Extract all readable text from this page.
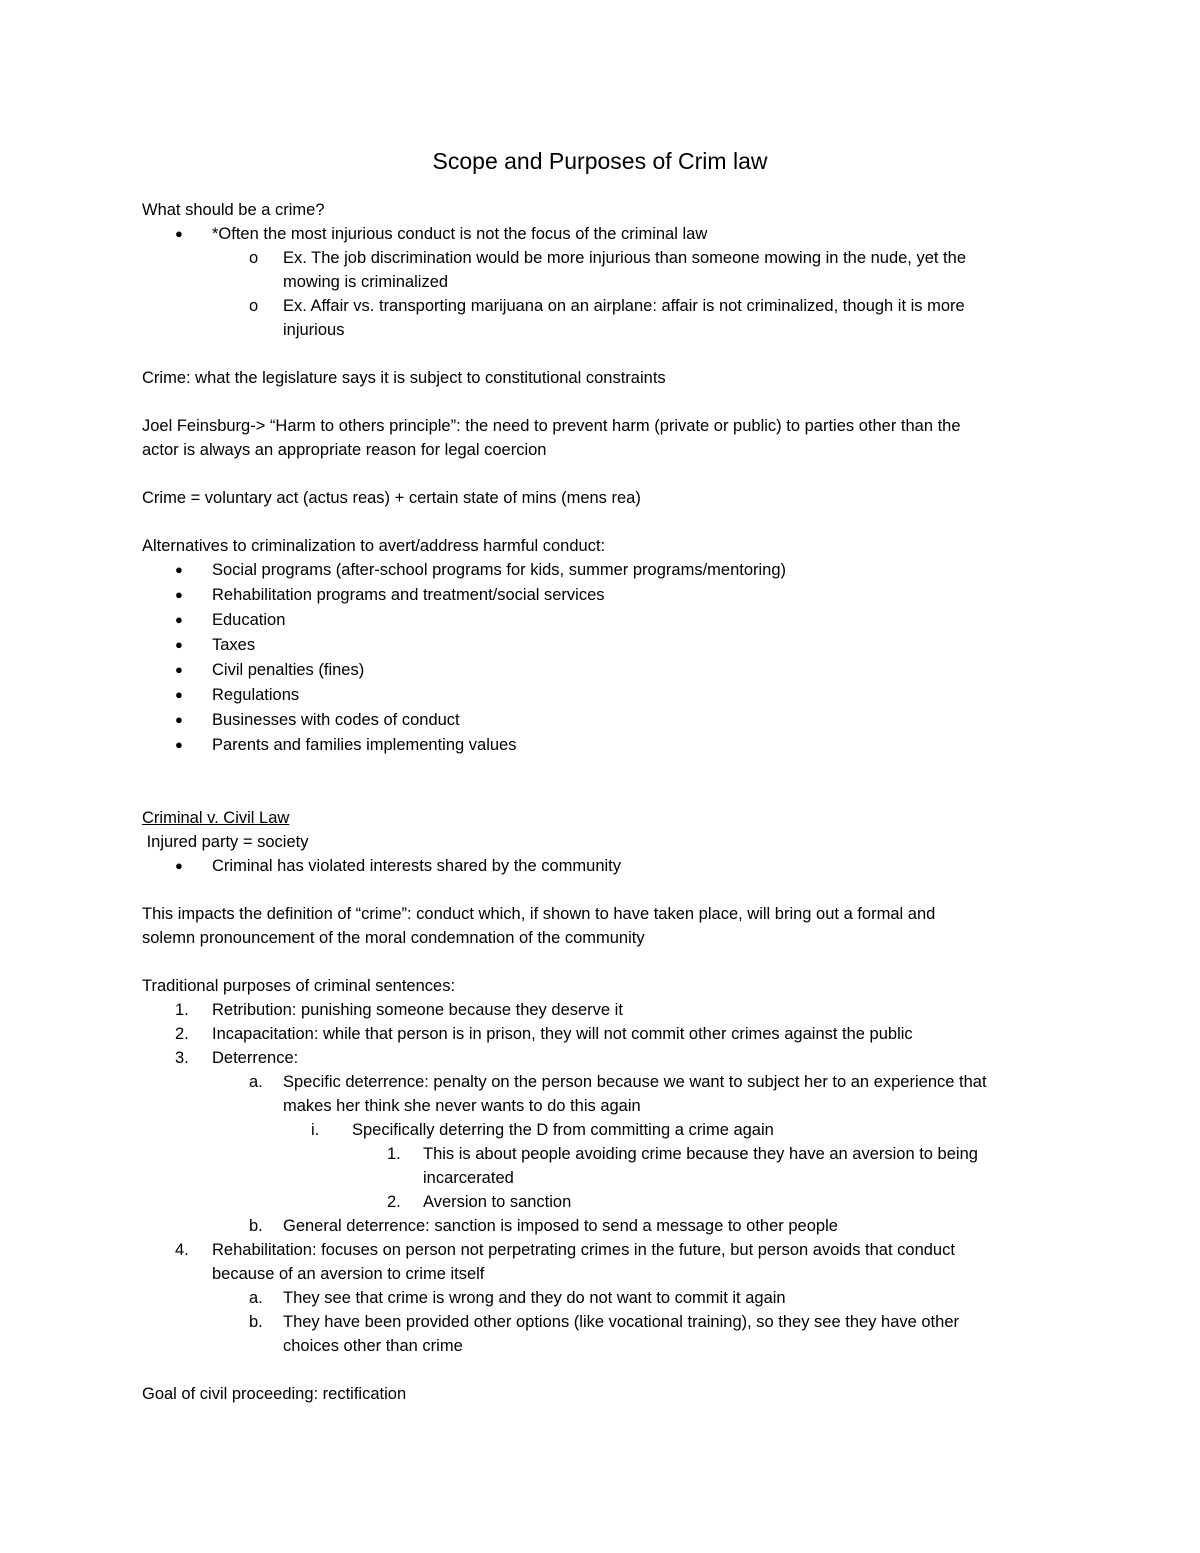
Scope and Purposes of Crim law
What should be a crime?
● *Often the most injurious conduct is not the focus of the criminal law
o Ex. The job discrimination would be more injurious than someone mowing in the nude, yet the
mowing is criminalized
o Ex. Affair vs. transporting marijuana on an airplane: affair is not criminalized, though it is more
injurious
Crime: what the legislature says it is subject to constitutional constraints
Joel Feinsburg-> “Harm to others principle”: the need to prevent harm (private or public) to parties other than the
actor is always an appropriate reason for legal coercion
Crime = voluntary act (actus reas) + certain state of mins (mens rea)
Alternatives to criminalization to avert/address harmful conduct:
● Social programs (after-school programs for kids, summer programs/mentoring)
● Rehabilitation programs and treatment/social services
● Education
● Taxes
● Civil penalties (fines)
● Regulations
● Businesses with codes of conduct
● Parents and families implementing values
Criminal v. Civil Law
Injured party = society
● Criminal has violated interests shared by the community
This impacts the definition of “crime”: conduct which, if shown to have taken place, will bring out a formal and
solemn pronouncement of the moral condemnation of the community
Traditional purposes of criminal sentences:
1. Retribution: punishing someone because they deserve it
2. Incapacitation: while that person is in prison, they will not commit other crimes against the public
3. Deterrence:
a. Specific deterrence: penalty on the person because we want to subject her to an experience that
makes her think she never wants to do this again
i. Specifically deterring the D from committing a crime again
1. This is about people avoiding crime because they have an aversion to being
incarcerated
2. Aversion to sanction
b. General deterrence: sanction is imposed to send a message to other people
4. Rehabilitation: focuses on person not perpetrating crimes in the future, but person avoids that conduct
because of an aversion to crime itself
a. They see that crime is wrong and they do not want to commit it again
b. They have been provided other options (like vocational training), so they see they have other
choices other than crime
Goal of civil proceeding: rectification
